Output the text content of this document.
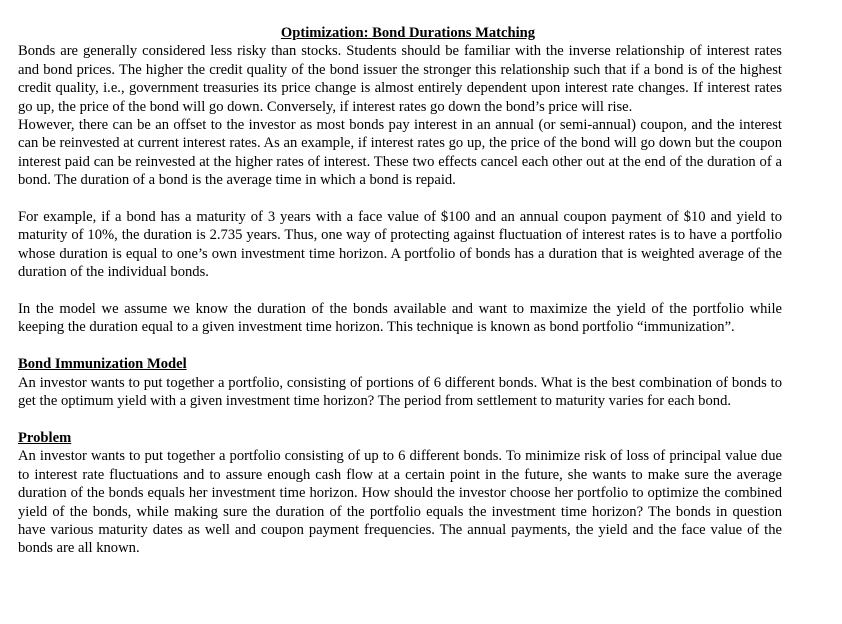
Optimization: Bond Durations Matching

Bonds are generally considered less risky than stocks. Students should be familiar with the inverse relationship of interest rates and bond prices. The higher the credit quality of the bond issuer the stronger this relationship such that if a bond is of the highest credit quality, i.e., government treasuries its price change is almost entirely dependent upon interest rate changes. If interest rates go up, the price of the bond will go down. Conversely, if interest rates go down the bond’s price will rise.

However, there can be an offset to the investor as most bonds pay interest in an annual (or semi-annual) coupon, and the interest can be reinvested at current interest rates. As an example, if interest rates go up, the price of the bond will go down but the coupon interest paid can be reinvested at the higher rates of interest. These two effects cancel each other out at the end of the duration of a bond. The duration of a bond is the average time in which a bond is repaid.

For example, if a bond has a maturity of 3 years with a face value of $100 and an annual coupon payment of $10 and yield to maturity of 10%, the duration is 2.735 years. Thus, one way of protecting against fluctuation of interest rates is to have a portfolio whose duration is equal to one’s own investment time horizon. A portfolio of bonds has a duration that is weighted average of the duration of the individual bonds.

In the model we assume we know the duration of the bonds available and want to maximize the yield of the portfolio while keeping the duration equal to a given investment time horizon. This technique is known as bond portfolio “immunization”.

Bond Immunization Model

An investor wants to put together a portfolio, consisting of portions of 6 different bonds. What is the best combination of bonds to get the optimum yield with a given investment time horizon? The period from settlement to maturity varies for each bond.

Problem

An investor wants to put together a portfolio consisting of up to 6 different bonds. To minimize risk of loss of principal value due to interest rate fluctuations and to assure enough cash flow at a certain point in the future, she wants to make sure the average duration of the bonds equals her investment time horizon. How should the investor choose her portfolio to optimize the combined yield of the bonds, while making sure the duration of the portfolio equals the investment time horizon? The bonds in question have various maturity dates as well and coupon payment frequencies. The annual payments, the yield and the face value of the bonds are all known.
